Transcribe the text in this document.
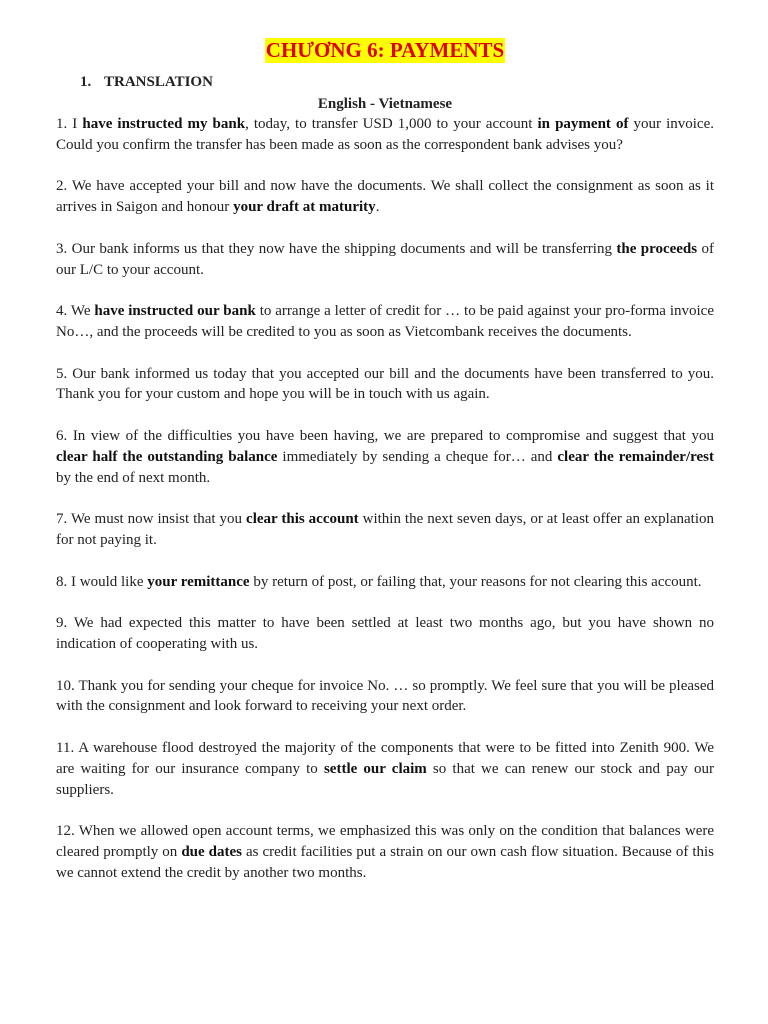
CHƯƠNG 6: PAYMENTS
1. TRANSLATION
English - Vietnamese

1. I have instructed my bank, today, to transfer USD 1,000 to your account in payment of your invoice. Could you confirm the transfer has been made as soon as the correspondent bank advises you?

2. We have accepted your bill and now have the documents. We shall collect the consignment as soon as it arrives in Saigon and honour your draft at maturity.

3. Our bank informs us that they now have the shipping documents and will be transferring the proceeds of our L/C to your account.

4. We have instructed our bank to arrange a letter of credit for … to be paid against your pro-forma invoice No…, and the proceeds will be credited to you as soon as Vietcombank receives the documents.

5. Our bank informed us today that you accepted our bill and the documents have been transferred to you. Thank you for your custom and hope you will be in touch with us again.

6. In view of the difficulties you have been having, we are prepared to compromise and suggest that you clear half the outstanding balance immediately by sending a cheque for… and clear the remainder/rest by the end of next month.

7. We must now insist that you clear this account within the next seven days, or at least offer an explanation for not paying it.

8. I would like your remittance by return of post, or failing that, your reasons for not clearing this account.

9. We had expected this matter to have been settled at least two months ago, but you have shown no indication of cooperating with us.

10. Thank you for sending your cheque for invoice No. … so promptly. We feel sure that you will be pleased with the consignment and look forward to receiving your next order.

11. A warehouse flood destroyed the majority of the components that were to be fitted into Zenith 900. We are waiting for our insurance company to settle our claim so that we can renew our stock and pay our suppliers.

12. When we allowed open account terms, we emphasized this was only on the condition that balances were cleared promptly on due dates as credit facilities put a strain on our own cash flow situation. Because of this we cannot extend the credit by another two months.
